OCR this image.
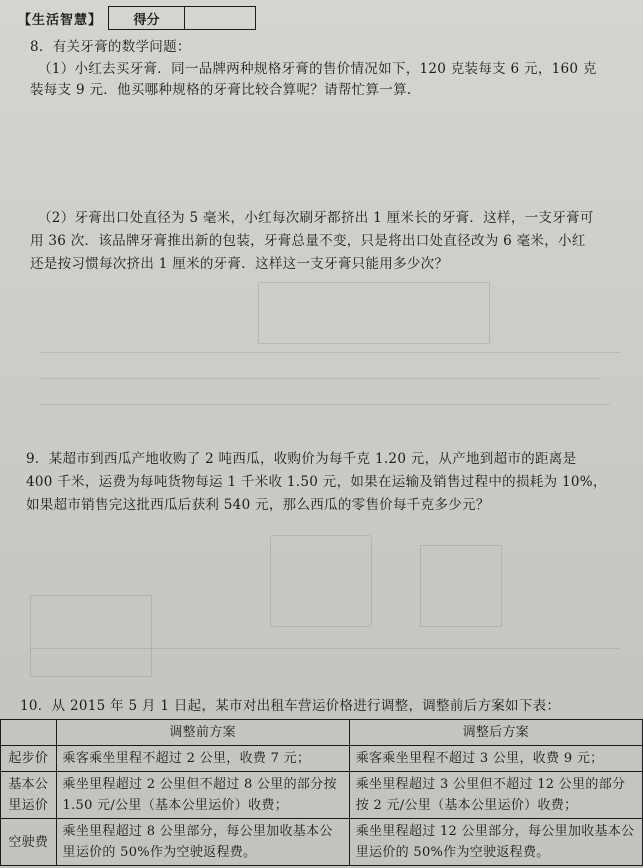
【生活智慧】	得分
8．有关牙膏的数学问题：
（1）小红去买牙膏．同一品牌两种规格牙膏的售价情况如下，120 克装每支 6 元，160 克
装每支 9 元．他买哪种规格的牙膏比较合算呢？请帮忙算一算.
（2）牙膏出口处直径为 5 毫米，小红每次刷牙都挤出 1 厘米长的牙膏．这样，一支牙膏可
用 36 次．该品牌牙膏推出新的包装，牙膏总量不变，只是将出口处直径改为 6 毫米，小红
还是按习惯每次挤出 1 厘米的牙膏．这样这一支牙膏只能用多少次？
9．某超市到西瓜产地收购了 2 吨西瓜，收购价为每千克 1.20 元，从产地到超市的距离是
400 千米，运费为每吨货物每运 1 千米收 1.50 元，如果在运输及销售过程中的损耗为 10%，
如果超市销售完这批西瓜后获利 540 元，那么西瓜的零售价每千克多少元？
10．从 2015 年 5 月 1 日起，某市对出租车营运价格进行调整，调整前后方案如下表：
	调整前方案	调整后方案
起步价	乘客乘坐里程不超过 2 公里，收费 7 元；	乘客乘坐里程不超过 3 公里，收费 9 元；
基本公里运价	乘坐里程超过 2 公里但不超过 8 公里的部分按 1.50 元/公里（基本公里运价）收费；	乘坐里程超过 3 公里但不超过 12 公里的部分按 2 元/公里（基本公里运价）收费；
空驶费	乘坐里程超过 8 公里部分，每公里加收基本公里运价的 50%作为空驶返程费。	乘坐里程超过 12 公里部分，每公里加收基本公里运价的 50%作为空驶返程费。
